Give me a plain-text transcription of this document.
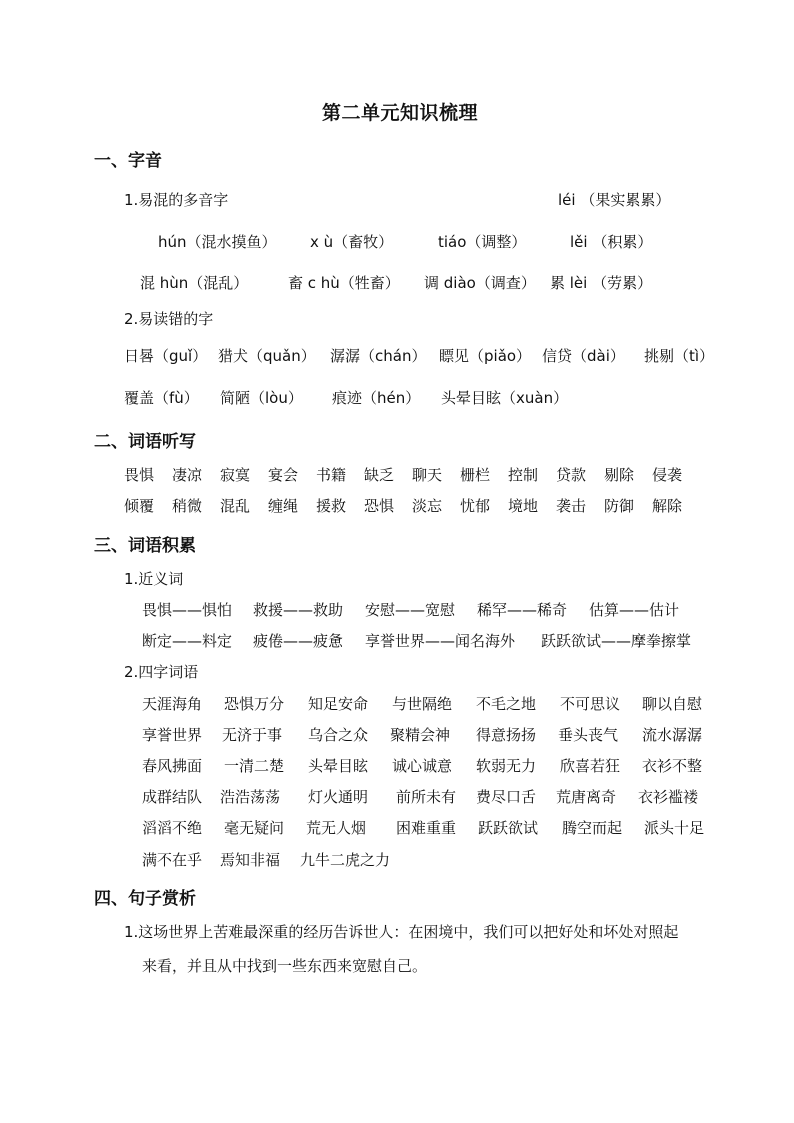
第二单元知识梳理
一、字音
1.易混的多音字	léi （果实累累）
hún（混水摸鱼） x ù（畜牧）	tiáo（调整）	lěi （积累）
混 hùn（混乱）	畜 c hù（牲畜） 调 diào（调查） 累 lèi （劳累）
2.易读错的字
日晷（guǐ） 猎犬（quǎn） 潺潺（chán） 瞟见（piǎo） 信贷（dài） 挑剔（tì）
覆盖（fù） 简陋（lòu） 痕迹（hén） 头晕目眩（xuàn）
二、词语听写
畏惧 凄凉 寂寞 宴会 书籍 缺乏 聊天 栅栏 控制 贷款 剔除 侵袭
倾覆 稍微 混乱 缠绳 援救 恐惧 淡忘 忧郁 境地 袭击 防御 解除
三、词语积累
1.近义词
畏惧——惧怕 救援——救助 安慰——宽慰 稀罕——稀奇 估算——估计
断定——料定 疲倦——疲惫 享誉世界——闻名海外 跃跃欲试——摩拳擦掌
2.四字词语
天涯海角 恐惧万分 知足安命 与世隔绝 不毛之地 不可思议 聊以自慰
享誉世界 无济于事 乌合之众 聚精会神 得意扬扬 垂头丧气 流水潺潺
春风拂面 一清二楚 头晕目眩 诚心诚意 软弱无力 欣喜若狂 衣衫不整
成群结队 浩浩荡荡 灯火通明 前所未有 费尽口舌 荒唐离奇 衣衫褴褛
滔滔不绝 毫无疑问 荒无人烟 困难重重 跃跃欲试 腾空而起 派头十足
满不在乎 焉知非福 九牛二虎之力
四、句子赏析
1.这场世界上苦难最深重的经历告诉世人：在困境中，我们可以把好处和坏处对照起
来看，并且从中找到一些东西来宽慰自己。
